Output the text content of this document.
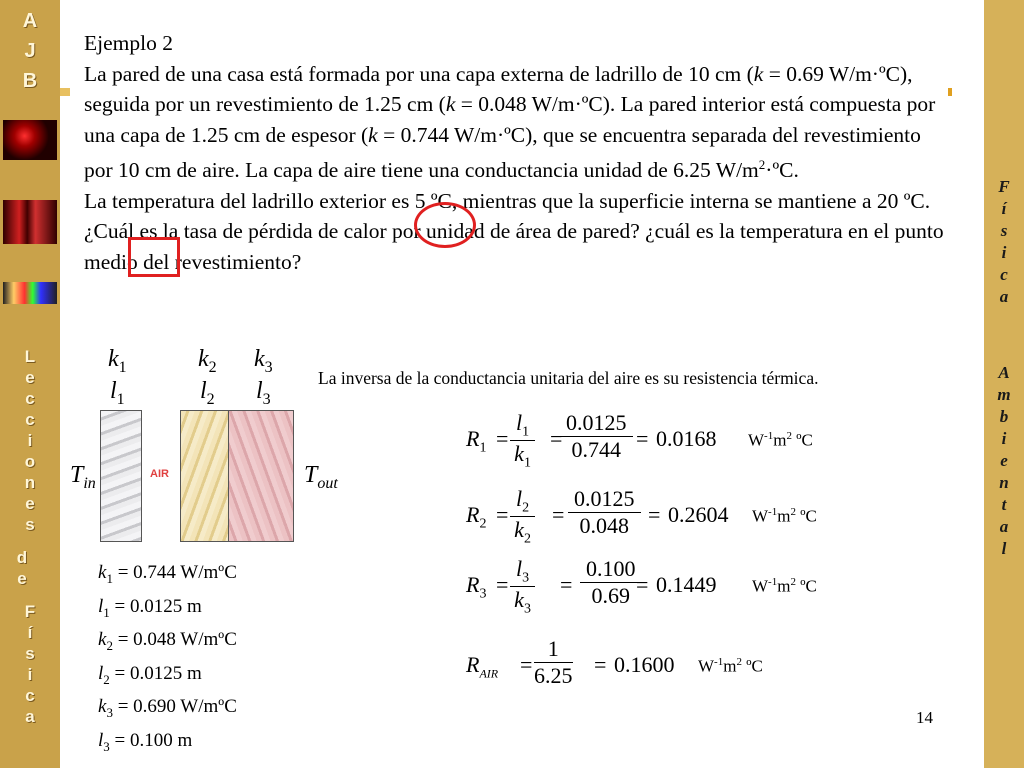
A
J
B
L
e
c
c
i
o
n
e
s
d
e
F
í
s
i
c
a
F
í
s
i
c
a
A
m
b
i
e
n
t
a
l

Ejemplo 2

La pared de una casa está formada por una capa externa de ladrillo de 10 cm (k = 0.69 W/m·ºC), seguida por un revestimiento de 1.25 cm (k = 0.048 W/m·ºC). La pared interior está compuesta por una capa de 1.25 cm de espesor (k = 0.744 W/m·ºC), que se encuentra separada del revestimiento por 10 cm de aire. La capa de aire tiene una conductancia unidad de 6.25 $W/m^2\cdot ºC$.

La temperatura del ladrillo exterior es 5 ºC, mientras que la superficie interna se mantiene a 20 ºC.

¿Cuál es la tasa de pérdida de calor por unidad de área de pared? ¿cuál es la temperatura en el punto medio del revestimiento?

$k_1$
$l_1$
$k_2$
$l_2$
$k_3$
$l_3$
AIR
$T_{in}$	$T_{out}$
La inversa de la conductancia unitaria del aire es su resistencia térmica.
$k_1 = 0.744$ W/mºC
$l_1 = 0.0125$ m
$k_2 = 0.048$ W/mºC
$l_2 = 0.0125$ m
$k_3 = 0.690$ W/mºC
$l_3 = 0.100$ m
$R_1 = \frac{l_1}{k_1}$ =
$\frac{0.0125}{0.744} = 0.0168$ $W^{-1}m^2$ ºC
$R_2 = \frac{l_2}{k_2} = \frac{0.0125}{0.048} = 0.2604$ $W^{-1}m^2$ ºC
$R_3 = \frac{l_3}{k_3} = \frac{0.100}{0.69}$
= 0.1449 $W^{-1}m^2$ ºC
$R_{AIR} = \frac{1}{6.25} = 0.1600$ $W^{-1}m^2$ ºC
14
